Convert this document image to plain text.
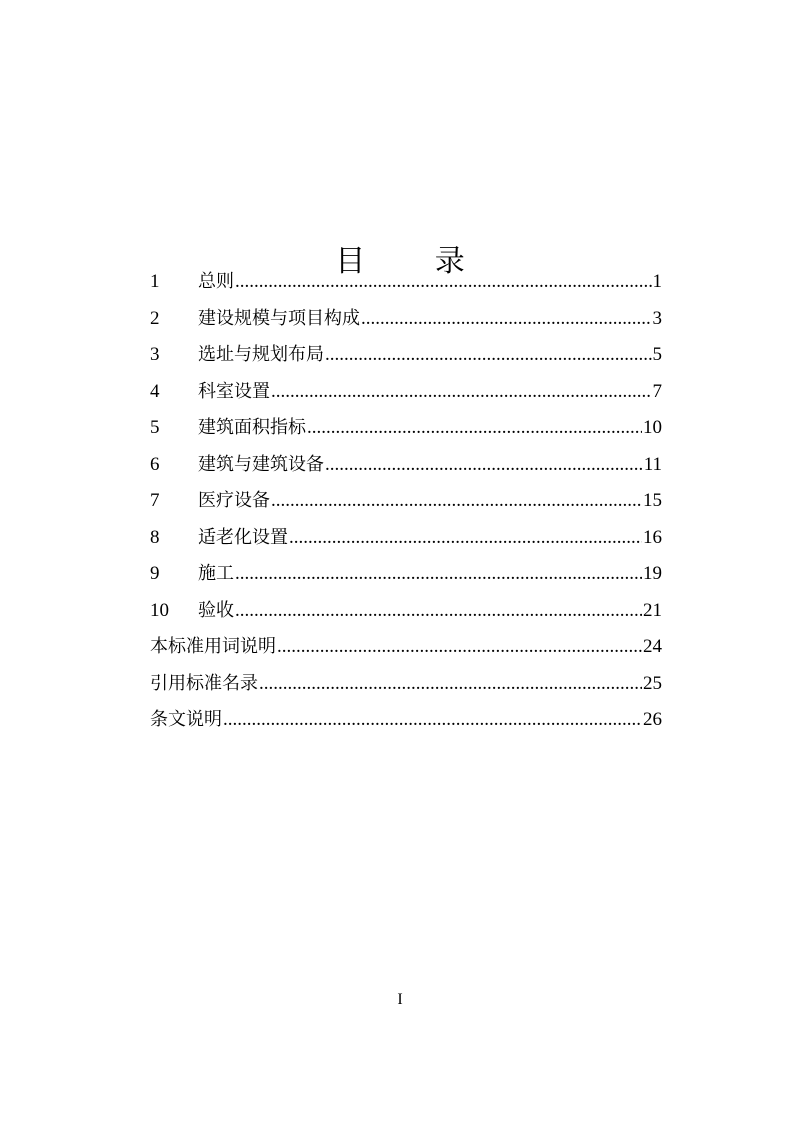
目 录
1	总则 .....	1
2	建设规模与项目构成 .....	3
3	选址与规划布局 .....	5
4	科室设置 .....	7
5	建筑面积指标 .....	10
6	建筑与建筑设备 .....	11
7	医疗设备 .....	15
8	适老化设置 .....	16
9	施工 .....	19
10	验收 .....	21
本标准用词说明 .....	24
引用标准名录 .....	25
条文说明 .....	26
I
